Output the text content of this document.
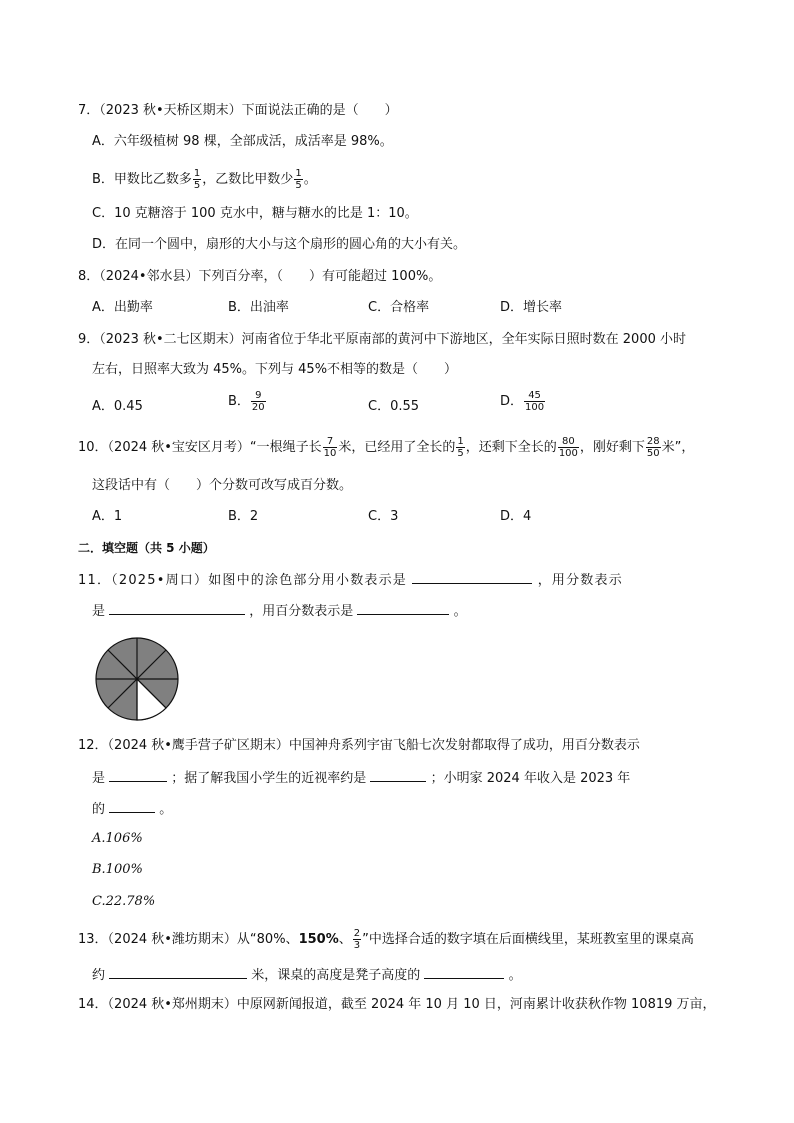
7．（2023 秋•天桥区期末）下面说法正确的是（　　）
A．六年级植树 98 棵，全部成活，成活率是 98%。
B．甲数比乙数多 $\frac{1}{5}$ ，乙数比甲数少 $\frac{1}{5}$ 。
C．10 克糖溶于 100 克水中，糖与糖水的比是 1：10。
D．在同一个圆中，扇形的大小与这个扇形的圆心角的大小有关。
8．（2024•邻水县）下列百分率，（　　）有可能超过 100%。
A．出勤率	B．出油率	C．合格率	D．增长率
9．（2023 秋•二七区期末）河南省位于华北平原南部的黄河中下游地区，全年实际日照时数在 2000 小时
左右，日照率大致为 45%。下列与 45%不相等的数是（　　）
A．0.45	B． $\frac{9}{20}$	C．0.55	D． $\frac{45}{100}$
10．（2024 秋•宝安区月考）“一根绳子长 $\frac{7}{10}$ 米，已经用了全长的 $\frac{1}{5}$ ，还剩下全长的 $\frac{80}{100}$ ，刚好剩下 $\frac{28}{50}$ 米”，
这段话中有（　　）个分数可改写成百分数。
A．1	B．2	C．3	D．4
二．填空题（共 5 小题）
11．（2025•周口）如图中的涂色部分用小数表示是	，用分数表示
是	，用百分数表示是	。
12．（2024 秋•鹰手营子矿区期末）中国神舟系列宇宙飞船七次发射都取得了成功，用百分数表示
是	；据了解我国小学生的近视率约是	；小明家 2024 年收入是 2023 年
的	。
A.106%
B.100%
C.22.78%
13．（2024 秋•潍坊期末）从“80%、150%、 $\frac{2}{3}$ ”中选择合适的数字填在后面横线里，某班教室里的课桌高
约	米，课桌的高度是凳子高度的	。
14．（2024 秋•郑州期末）中原网新闻报道，截至 2024 年 10 月 10 日，河南累计收获秋作物 10819 万亩，
